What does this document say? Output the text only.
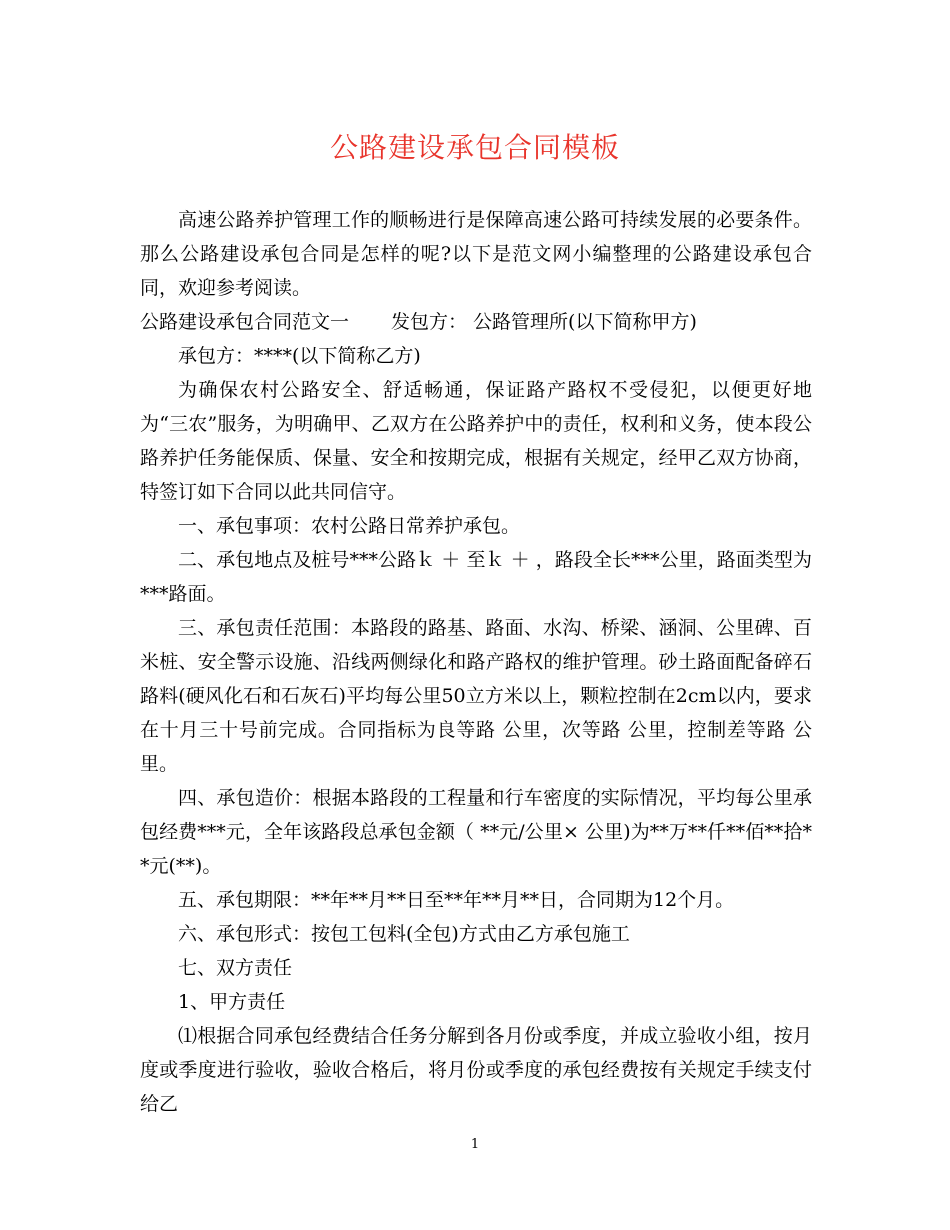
公路建设承包合同模板

高速公路养护管理工作的顺畅进行是保障高速公路可持续发展的必要条件。那么公路建设承包合同是怎样的呢?以下是范文网小编整理的公路建设承包合同，欢迎参考阅读。

公路建设承包合同范文一 发包方： 公路管理所(以下简称甲方)

承包方：****(以下简称乙方)

为确保农村公路安全、舒适畅通，保证路产路权不受侵犯，以便更好地为“三农”服务，为明确甲、乙双方在公路养护中的责任，权利和义务，使本段公路养护任务能保质、保量、安全和按期完成，根据有关规定，经甲乙双方协商，特签订如下合同以此共同信守。

一、承包事项：农村公路日常养护承包。

二、承包地点及桩号***公路ｋ ＋ 至ｋ ＋ ，路段全长***公里，路面类型为***路面。

三、承包责任范围：本路段的路基、路面、水沟、桥梁、涵洞、公里碑、百米桩、安全警示设施、沿线两侧绿化和路产路权的维护管理。砂土路面配备碎石路料(硬风化石和石灰石)平均每公里50立方米以上，颗粒控制在2cm以内，要求在十月三十号前完成。合同指标为良等路 公里，次等路 公里，控制差等路 公里。

四、承包造价：根据本路段的工程量和行车密度的实际情况，平均每公里承包经费***元，全年该路段总承包金额（ **元/公里× 公里)为**万**仟**佰**拾**元(**)。

五、承包期限：**年**月**日至**年**月**日，合同期为12个月。

六、承包形式：按包工包料(全包)方式由乙方承包施工

七、双方责任

1、甲方责任

⑴根据合同承包经费结合任务分解到各月份或季度，并成立验收小组，按月度或季度进行验收，验收合格后，将月份或季度的承包经费按有关规定手续支付给乙

1
